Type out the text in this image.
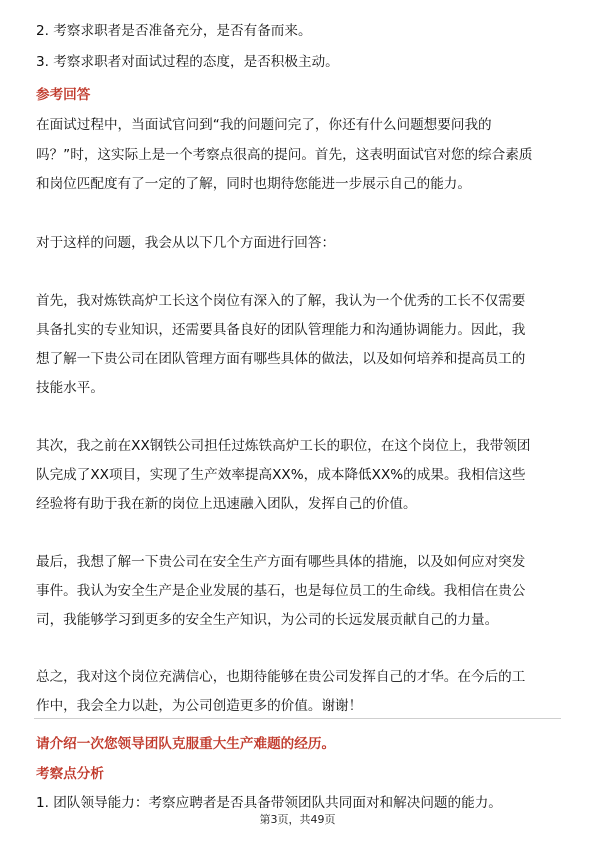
2. 考察求职者是否准备充分，是否有备而来。
3. 考察求职者对面试过程的态度，是否积极主动。
参考回答
在面试过程中，当面试官问到“我的问题问完了，你还有什么问题想要问我的
吗？”时，这实际上是一个考察点很高的提问。首先，这表明面试官对您的综合素质
和岗位匹配度有了一定的了解，同时也期待您能进一步展示自己的能力。
对于这样的问题，我会从以下几个方面进行回答：
首先，我对炼铁高炉工长这个岗位有深入的了解，我认为一个优秀的工长不仅需要
具备扎实的专业知识，还需要具备良好的团队管理能力和沟通协调能力。因此，我
想了解一下贵公司在团队管理方面有哪些具体的做法，以及如何培养和提高员工的
技能水平。
其次，我之前在XX钢铁公司担任过炼铁高炉工长的职位，在这个岗位上，我带领团
队完成了XX项目，实现了生产效率提高XX%，成本降低XX%的成果。我相信这些
经验将有助于我在新的岗位上迅速融入团队，发挥自己的价值。
最后，我想了解一下贵公司在安全生产方面有哪些具体的措施，以及如何应对突发
事件。我认为安全生产是企业发展的基石，也是每位员工的生命线。我相信在贵公
司，我能够学习到更多的安全生产知识，为公司的长远发展贡献自己的力量。
总之，我对这个岗位充满信心，也期待能够在贵公司发挥自己的才华。在今后的工
作中，我会全力以赴，为公司创造更多的价值。谢谢！
请介绍一次您领导团队克服重大生产难题的经历。
考察点分析
1. 团队领导能力：考察应聘者是否具备带领团队共同面对和解决问题的能力。
第3页，共49页
